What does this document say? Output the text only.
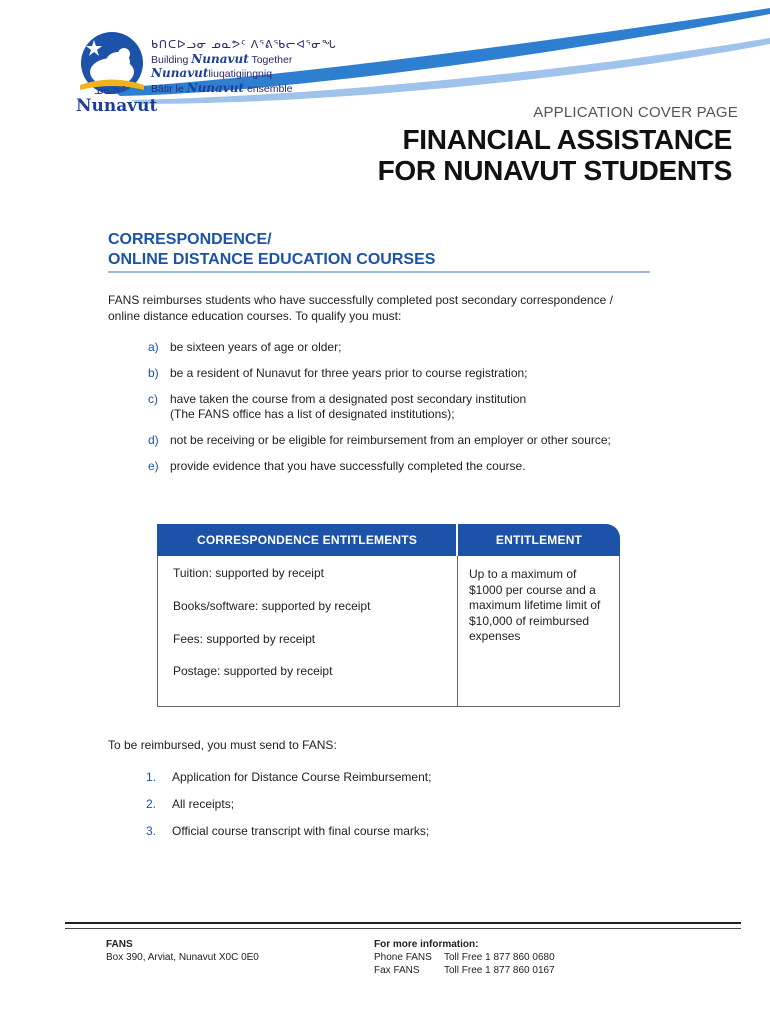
ᓄᓇᕗᑦ
Nunavut
ᑲᑎᑕᐅᓗᓂ ᓄᓇᕗᑦ ᐱᕐᕕᖃᓕᐊᕐᓂᖓ
Building Nunavut Together
Nunavutliuqatigiingniq
Bâtir le Nunavut ensemble
APPLICATION COVER PAGE
FINANCIAL ASSISTANCE
FOR NUNAVUT STUDENTS
CORRESPONDENCE/
ONLINE DISTANCE EDUCATION COURSES
FANS reimburses students who have successfully completed post secondary correspondence / online distance education courses. To qualify you must:
a) be sixteen years of age or older;
b) be a resident of Nunavut for three years prior to course registration;
c) have taken the course from a designated post secondary institution
(The FANS office has a list of designated institutions);
d) not be receiving or be eligible for reimbursement from an employer or other source;
e) provide evidence that you have successfully completed the course.
CORRESPONDENCE ENTITLEMENTS	ENTITLEMENT
Tuition: supported by receipt
Books/software: supported by receipt
Fees: supported by receipt
Postage: supported by receipt
Up to a maximum of $1000 per course and a maximum lifetime limit of $10,000 of reimbursed expenses
To be reimbursed, you must send to FANS:
1. Application for Distance Course Reimbursement;
2. All receipts;
3. Official course transcript with final course marks;
FANS
Box 390, Arviat, Nunavut X0C 0E0
For more information:
Phone FANS Toll Free 1 877 860 0680
Fax FANS Toll Free 1 877 860 0167
